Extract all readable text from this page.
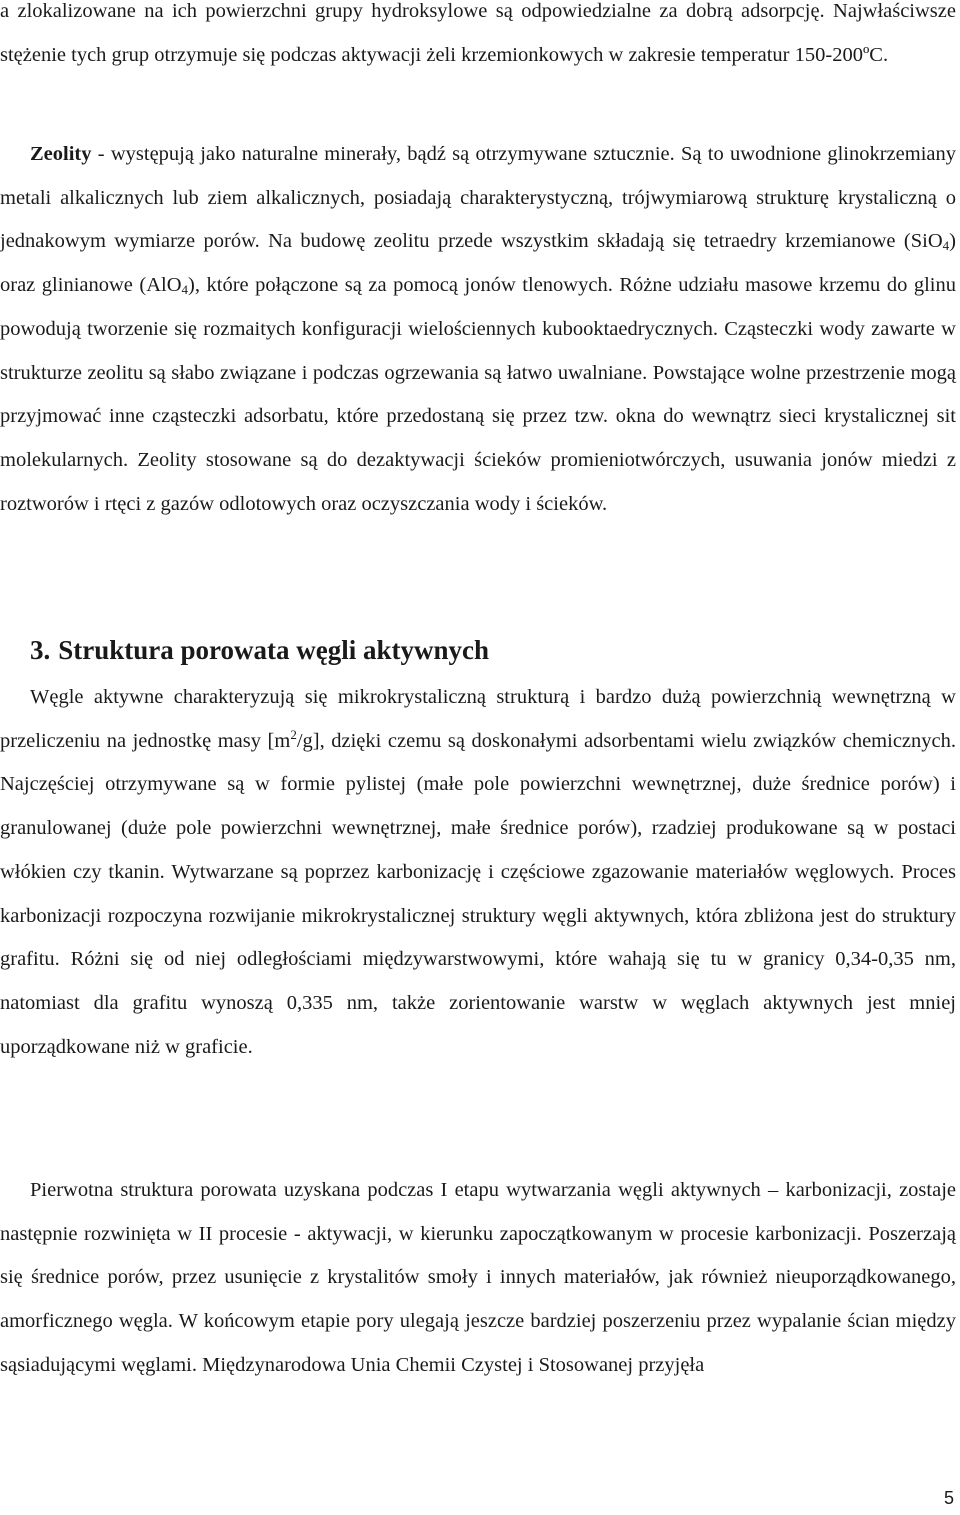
a zlokalizowane na ich powierzchni grupy hydroksylowe są odpowiedzialne za dobrą adsorpcję. Najwłaściwsze stężenie tych grup otrzymuje się podczas aktywacji żeli krzemionkowych w zakresie temperatur 150-200ºC.

Zeolity - występują jako naturalne minerały, bądź są otrzymywane sztucznie. Są to uwodnione glinokrzemiany metali alkalicznych lub ziem alkalicznych, posiadają charakterystyczną, trójwymiarową strukturę krystaliczną o jednakowym wymiarze porów. Na budowę zeolitu przede wszystkim składają się tetraedry krzemianowe (SiO$_4$) oraz glinianowe (AlO$_4$), które połączone są za pomocą jonów tlenowych. Różne udziału masowe krzemu do glinu powodują tworzenie się rozmaitych konfiguracji wielościennych kubooktaedrycznych. Cząsteczki wody zawarte w strukturze zeolitu są słabo związane i podczas ogrzewania są łatwo uwalniane. Powstające wolne przestrzenie mogą przyjmować inne cząsteczki adsorbatu, które przedostaną się przez tzw. okna do wewnątrz sieci krystalicznej sit molekularnych. Zeolity stosowane są do dezaktywacji ścieków promieniotwórczych, usuwania jonów miedzi z roztworów i rtęci z gazów odlotowych oraz oczyszczania wody i ścieków.

3. Struktura porowata węgli aktywnych

Węgle aktywne charakteryzują się mikrokrystaliczną strukturą i bardzo dużą powierzchnią wewnętrzną w przeliczeniu na jednostkę masy $[m^2/g]$, dzięki czemu są doskonałymi adsorbentami wielu związków chemicznych. Najczęściej otrzymywane są w formie pylistej (małe pole powierzchni wewnętrznej, duże średnice porów) i granulowanej (duże pole powierzchni wewnętrznej, małe średnice porów), rzadziej produkowane są w postaci włókien czy tkanin. Wytwarzane są poprzez karbonizację i częściowe zgazowanie materiałów węglowych. Proces karbonizacji rozpoczyna rozwijanie mikrokrystalicznej struktury węgli aktywnych, która zbliżona jest do struktury grafitu. Różni się od niej odległościami międzywarstwowymi, które wahają się tu w granicy 0,34-0,35 nm, natomiast dla grafitu wynoszą 0,335 nm, także zorientowanie warstw w węglach aktywnych jest mniej uporządkowane niż w graficie.

Pierwotna struktura porowata uzyskana podczas I etapu wytwarzania węgli aktywnych – karbonizacji, zostaje następnie rozwinięta w II procesie - aktywacji, w kierunku zapoczątkowanym w procesie karbonizacji. Poszerzają się średnice porów, przez usunięcie z krystalitów smoły i innych materiałów, jak również nieuporządkowanego, amorficznego węgla. W końcowym etapie pory ulegają jeszcze bardziej poszerzeniu przez wypalanie ścian między sąsiadującymi węglami. Międzynarodowa Unia Chemii Czystej i Stosowanej przyjęła

5
